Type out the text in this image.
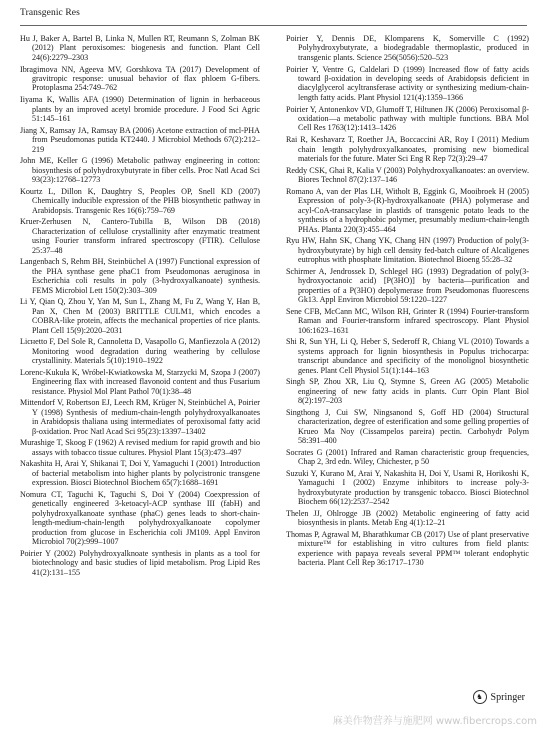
Transgenic Res

Hu J, Baker A, Bartel B, Linka N, Mullen RT, Reumann S, Zolman BK (2012) Plant peroxisomes: biogenesis and function. Plant Cell 24(6):2279–2303

Ibragimova NN, Ageeva MV, Gorshkova TA (2017) Development of gravitropic response: unusual behavior of flax phloem G-fibers. Protoplasma 254:749–762

Iiyama K, Wallis AFA (1990) Determination of lignin in herbaceous plants by an improved acetyl bromide procedure. J Food Sci Agric 51:145–161

Jiang X, Ramsay JA, Ramsay BA (2006) Acetone extraction of mcl-PHA from Pseudomonas putida KT2440. J Microbiol Methods 67(2):212–219

John ME, Keller G (1996) Metabolic pathway engineering in cotton: biosynthesis of polyhydroxybutyrate in fiber cells. Proc Natl Acad Sci 93(23):12768–12773

Kourtz L, Dillon K, Daughtry S, Peoples OP, Snell KD (2007) Chemically inducible expression of the PHB biosynthetic pathway in Arabidopsis. Transgenic Res 16(6):759–769

Kruer-Zerhusen N, Cantero-Tubilla B, Wilson DB (2018) Characterization of cellulose crystallinity after enzymatic treatment using Fourier transform infrared spectroscopy (FTIR). Cellulose 25:37–48

Langenbach S, Rehm BH, Steinbüchel A (1997) Functional expression of the PHA synthase gene phaC1 from Pseudomonas aeruginosa in Escherichia coli results in poly (3-hydroxyalkanoate) synthesis. FEMS Microbiol Lett 150(2):303–309

Li Y, Qian Q, Zhou Y, Yan M, Sun L, Zhang M, Fu Z, Wang Y, Han B, Pan X, Chen M (2003) BRITTLE CULM1, which encodes a COBRA-like protein, affects the mechanical properties of rice plants. Plant Cell 15(9):2020–2031

Liснetto F, Del Sole R, Cannoletta D, Vasapollo G, Manfiezzola A (2012) Monitoring wood degradation during weathering by cellulose crystallinity. Materials 5(10):1910–1922

Lorenc-Kukuła K, Wróbel-Kwiatkowska M, Starzycki M, Szopa J (2007) Engineering flax with increased flavonoid content and thus Fusarium resistance. Physiol Mol Plant Pathol 70(1):38–48

Mittendorf V, Robertson EJ, Leech RM, Krüger N, Steinbüchel A, Poirier Y (1998) Synthesis of medium-chain-length polyhydroxyalkanoates in Arabidopsis thaliana using intermediates of peroxisomal fatty acid β-oxidation. Proc Natl Acad Sci 95(23):13397–13402

Murashige T, Skoog F (1962) A revised medium for rapid growth and bio assays with tobacco tissue cultures. Physiol Plant 15(3):473–497

Nakashita H, Arai Y, Shikanai T, Doi Y, Yamaguchi I (2001) Introduction of bacterial metabolism into higher plants by polycistronic transgene expression. Biosci Biotechnol Biochem 65(7):1688–1691

Nomura CT, Taguchi K, Taguchi S, Doi Y (2004) Coexpression of genetically engineered 3-ketoacyl-ACP synthase III (fabH) and polyhydroxyalkanoate synthase (phaC) genes leads to short-chain-length-medium-chain-length polyhydroxyalkanoate copolymer production from glucose in Escherichia coli JM109. Appl Environ Microbiol 70(2):999–1007

Poirier Y (2002) Polyhydroxyalknoate synthesis in plants as a tool for biotechnology and basic studies of lipid metabolism. Prog Lipid Res 41(2):131–155

Poirier Y, Dennis DE, Klomparens K, Somerville C (1992) Polyhydroxybutyrate, a biodegradable thermoplastic, produced in transgenic plants. Science 256(5056):520–523

Poirier Y, Ventre G, Caldelari D (1999) Increased flow of fatty acids toward β-oxidation in developing seeds of Arabidopsis deficient in diacylglycerol acyltransferase activity or synthesizing medium-chain-length fatty acids. Plant Physiol 121(4):1359–1366

Poirier Y, Antonenkov VD, Glumoff T, Hiltunen JK (2006) Peroxisomal β-oxidation—a metabolic pathway with multiple functions. BBA Mol Cell Res 1763(12):1413–1426

Rai R, Keshavarz T, Roether JA, Boccaccini AR, Roy I (2011) Medium chain length polyhydroxyalkanoates, promising new biomedical materials for the future. Mater Sci Eng R Rep 72(3):29–47

Reddy CSK, Ghai R, Kalia V (2003) Polyhydroxyalkanoates: an overview. Biores Technol 87(2):137–146

Romano A, van der Plas LH, Witholt B, Eggink G, Mooibroek H (2005) Expression of poly-3-(R)-hydroxyalkanoate (PHA) polymerase and acyl-CoA-transacylase in plastids of transgenic potato leads to the synthesis of a hydrophobic polymer, presumably medium-chain-length PHAs. Planta 220(3):455–464

Ryu HW, Hahn SK, Chang YK, Chang HN (1997) Production of poly(3-hydroxybutyrate) by high cell density fed-batch culture of Alcaligenes eutrophus with phosphate limitation. Biotechnol Bioeng 55:28–32

Schirmer A, Jendrossek D, Schlegel HG (1993) Degradation of poly(3-hydroxyoctanoic acid) [P(3HO)] by bacteria—purification and properties of a P(3HO) depolymerase from Pseudomonas fluorescens Gk13. Appl Environ Microbiol 59:1220–1227

Sene CFB, McCann MC, Wilson RH, Grinter R (1994) Fourier-transform Raman and Fourier-transform infrared spectroscopy. Plant Physiol 106:1623–1631

Shi R, Sun YH, Li Q, Heber S, Sederoff R, Chiang VL (2010) Towards a systems approach for lignin biosynthesis in Populus trichocarpa: transcript abundance and specificity of the monolignol biosynthetic genes. Plant Cell Physiol 51(1):144–163

Singh SP, Zhou XR, Liu Q, Stymne S, Green AG (2005) Metabolic engineering of new fatty acids in plants. Curr Opin Plant Biol 8(2):197–203

Singthong J, Cui SW, Ningsanond S, Goff HD (2004) Structural characterization, degree of esterification and some gelling properties of Krueo Ma Noy (Cissampelos pareira) pectin. Carbohydr Polym 58:391–400

Socrates G (2001) Infrared and Raman characteristic group frequencies, Chap 2, 3rd edn. Wiley, Chichester, p 50

Suzuki Y, Kurano M, Arai Y, Nakashita H, Doi Y, Usami R, Horikoshi K, Yamaguchi I (2002) Enzyme inhibitors to increase poly-3-hydroxybutyrate production by transgenic tobacco. Biosci Biotechnol Biochem 66(12):2537–2542

Thelen JJ, Ohlrogge JB (2002) Metabolic engineering of fatty acid biosynthesis in plants. Metab Eng 4(1):12–21

Thomas P, Agrawal M, Bharathkumar CB (2017) Use of plant preservative mixture™ for establishing in vitro cultures from field plants: experience with papaya reveals several PPM™ tolerant endophytic bacteria. Plant Cell Rep 36:1717–1730

♞ Springer
麻美作物营养与施肥网 www.fibercrops.com
